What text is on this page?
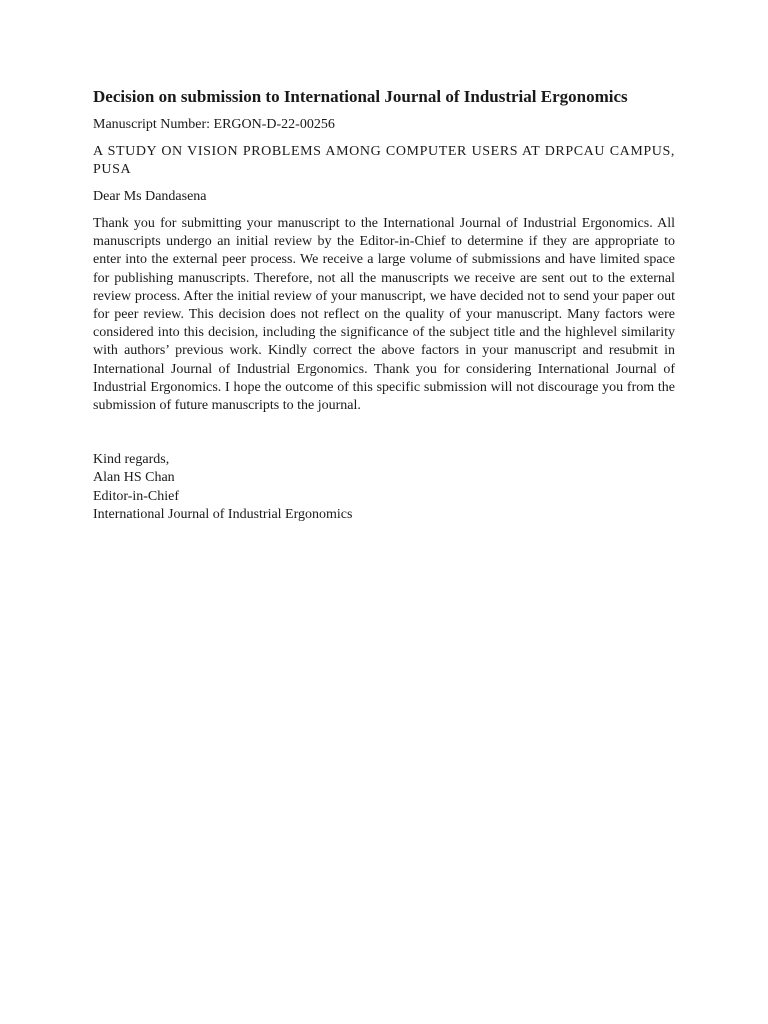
Decision on submission to International Journal of Industrial Ergonomics
Manuscript Number: ERGON-D-22-00256
A STUDY ON VISION PROBLEMS AMONG COMPUTER USERS AT DRPCAU CAMPUS, PUSA
Dear Ms Dandasena

Thank you for submitting your manuscript to the International Journal of Industrial Ergonomics. All manuscripts undergo an initial review by the Editor-in-Chief to determine if they are appropriate to enter into the external peer process. We receive a large volume of submissions and have limited space for publishing manuscripts. Therefore, not all the manuscripts we receive are sent out to the external review process. After the initial review of your manuscript, we have decided not to send your paper out for peer review. This decision does not reflect on the quality of your manuscript. Many factors were considered into this decision, including the significance of the subject title and the highlevel similarity with authors’ previous work. Kindly correct the above factors in your manuscript and resubmit in International Journal of Industrial Ergonomics. Thank you for considering International Journal of Industrial Ergonomics. I hope the outcome of this specific submission will not discourage you from the submission of future manuscripts to the journal.

Kind regards,
Alan HS Chan
Editor-in-Chief
International Journal of Industrial Ergonomics
